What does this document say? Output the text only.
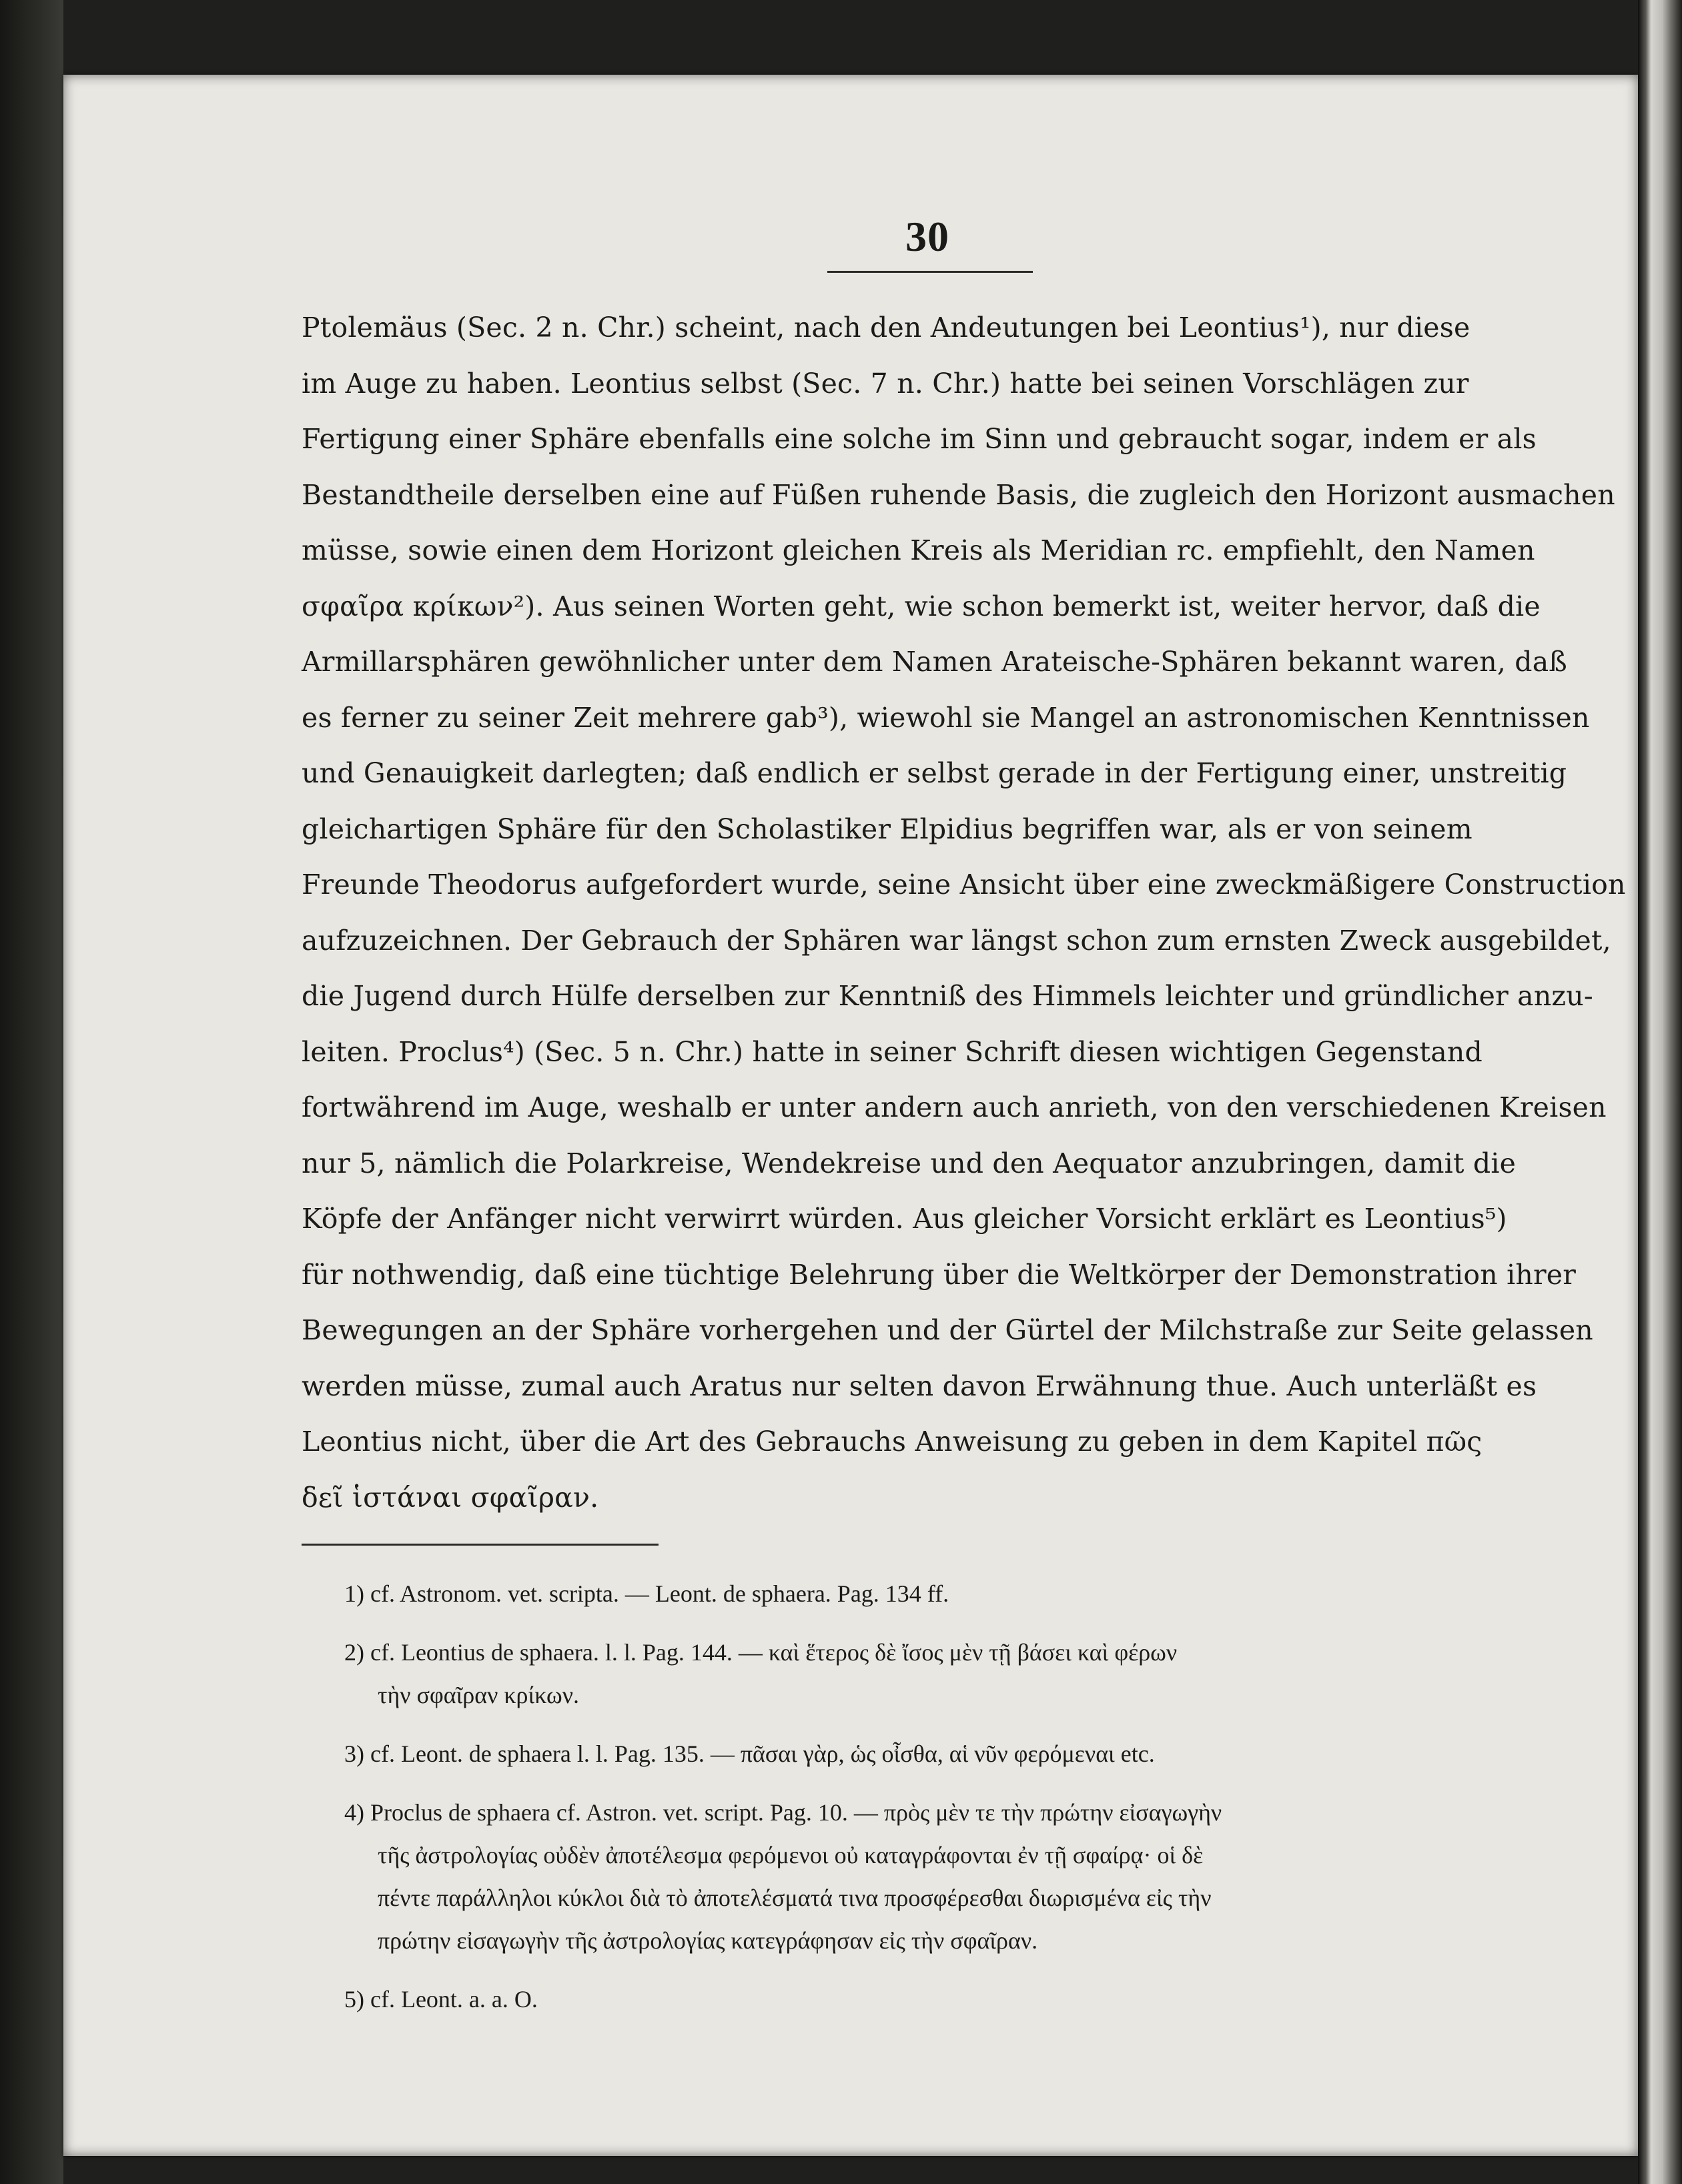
30
Ptolemäus (Sec. 2 n. Chr.) scheint, nach den Andeutungen bei Leontius¹), nur diese
im Auge zu haben. Leontius selbst (Sec. 7 n. Chr.) hatte bei seinen Vorschlägen zur
Fertigung einer Sphäre ebenfalls eine solche im Sinn und gebraucht sogar, indem er als
Bestandtheile derselben eine auf Füßen ruhende Basis, die zugleich den Horizont ausmachen
müsse, sowie einen dem Horizont gleichen Kreis als Meridian rc. empfiehlt, den Namen
σφαῖρα κρίκων²). Aus seinen Worten geht, wie schon bemerkt ist, weiter hervor, daß die
Armillarsphären gewöhnlicher unter dem Namen Arateische-Sphären bekannt waren, daß
es ferner zu seiner Zeit mehrere gab³), wiewohl sie Mangel an astronomischen Kenntnissen
und Genauigkeit darlegten; daß endlich er selbst gerade in der Fertigung einer, unstreitig
gleichartigen Sphäre für den Scholastiker Elpidius begriffen war, als er von seinem
Freunde Theodorus aufgefordert wurde, seine Ansicht über eine zweckmäßigere Construction
aufzuzeichnen. Der Gebrauch der Sphären war längst schon zum ernsten Zweck ausgebildet,
die Jugend durch Hülfe derselben zur Kenntniß des Himmels leichter und gründlicher anzu-
leiten. Proclus⁴) (Sec. 5 n. Chr.) hatte in seiner Schrift diesen wichtigen Gegenstand
fortwährend im Auge, weshalb er unter andern auch anrieth, von den verschiedenen Kreisen
nur 5, nämlich die Polarkreise, Wendekreise und den Aequator anzubringen, damit die
Köpfe der Anfänger nicht verwirrt würden. Aus gleicher Vorsicht erklärt es Leontius⁵)
für nothwendig, daß eine tüchtige Belehrung über die Weltkörper der Demonstration ihrer
Bewegungen an der Sphäre vorhergehen und der Gürtel der Milchstraße zur Seite gelassen
werden müsse, zumal auch Aratus nur selten davon Erwähnung thue. Auch unterläßt es
Leontius nicht, über die Art des Gebrauchs Anweisung zu geben in dem Kapitel πῶς
δεῖ ἱστάναι σφαῖραν.
1) cf. Astronom. vet. scripta. — Leont. de sphaera. Pag. 134 ff.
2) cf. Leontius de sphaera. l. l. Pag. 144. — καὶ ἕτερος δὲ ἴσος μὲν τῇ βάσει καὶ φέρων
τὴν σφαῖραν κρίκων.
3) cf. Leont. de sphaera l. l. Pag. 135. — πᾶσαι γὰρ, ὡς οἶσθα, αἱ νῦν φερόμεναι etc.
4) Proclus de sphaera cf. Astron. vet. script. Pag. 10. — πρὸς μὲν τε τὴν πρώτην εἰσαγωγὴν
τῆς ἀστρολογίας οὐδὲν ἀποτέλεσμα φερόμενοι οὐ καταγράφονται ἐν τῇ σφαίρᾳ· οἱ δὲ
πέντε παράλληλοι κύκλοι διὰ τὸ ἀποτελέσματά τινα προσφέρεσθαι διωρισμένα εἰς τὴν
πρώτην εἰσαγωγὴν τῆς ἀστρολογίας κατεγράφησαν εἰς τὴν σφαῖραν.
5) cf. Leont. a. a. O.
